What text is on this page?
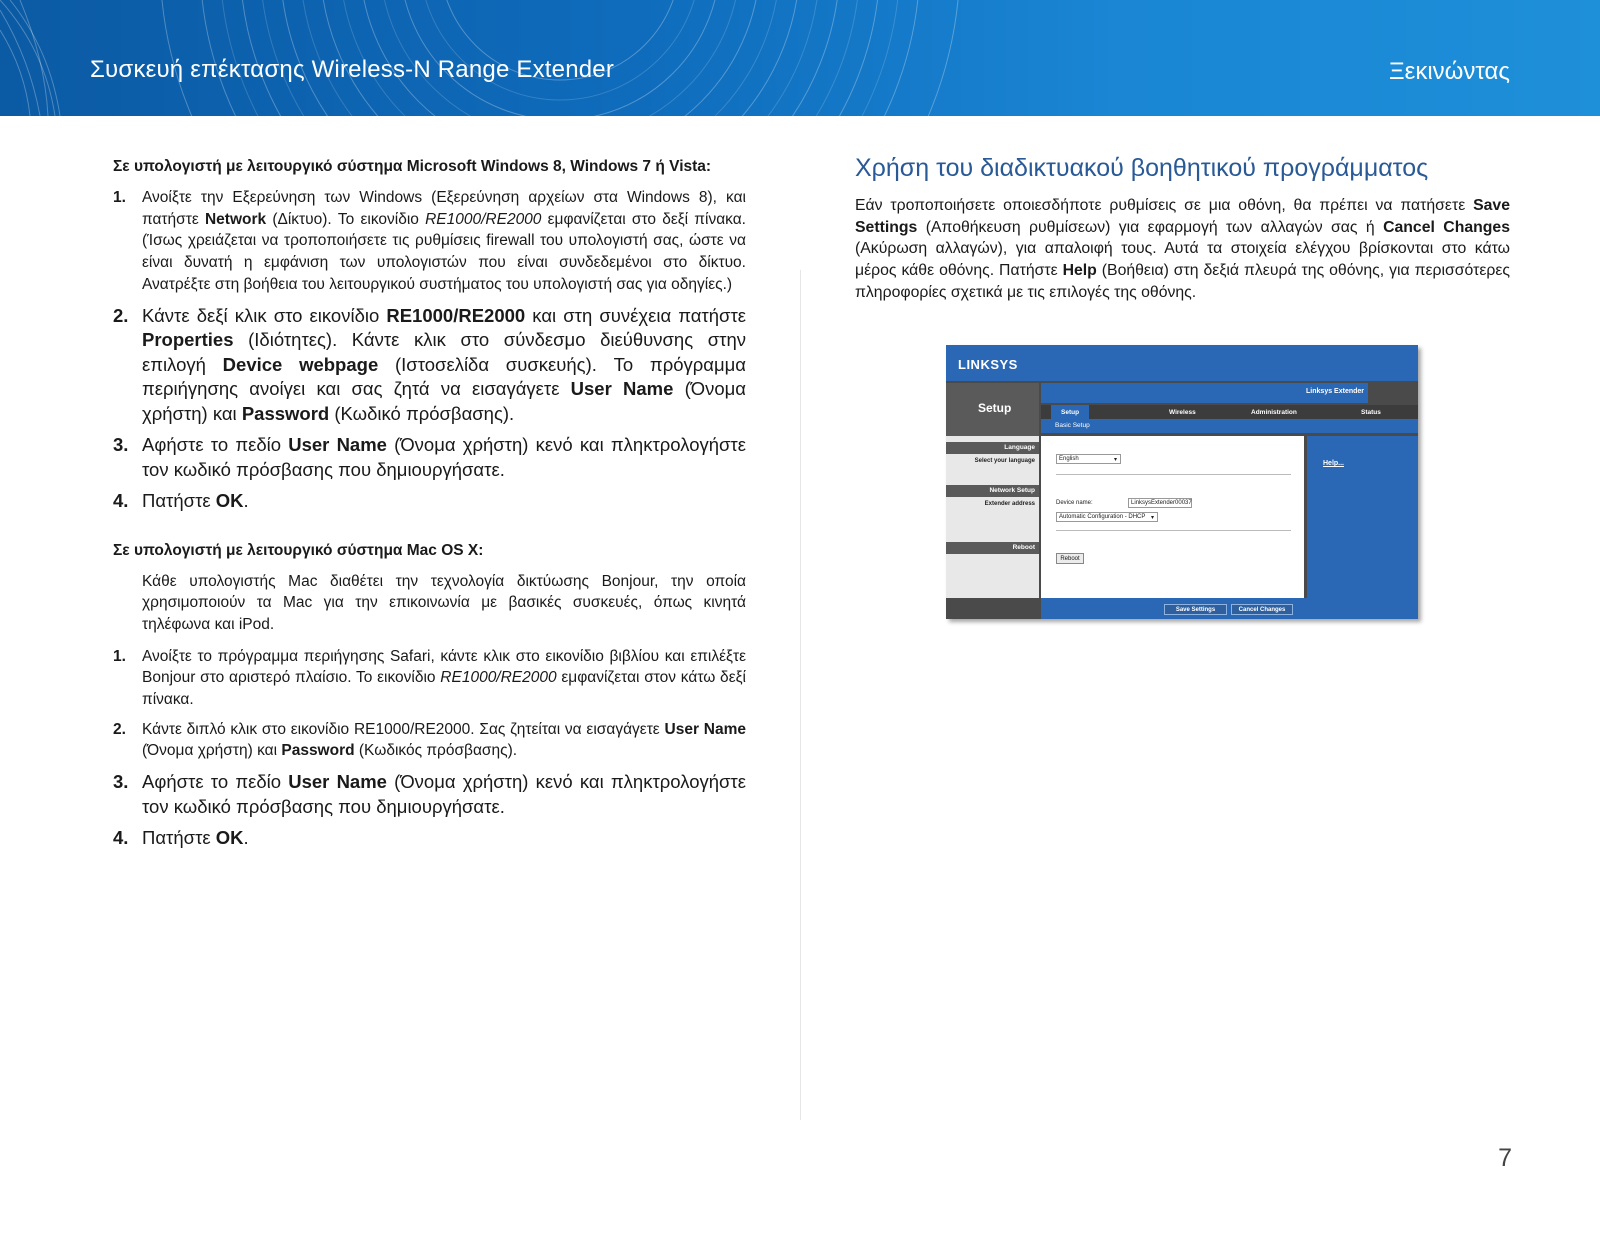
Συσκευή επέκτασης Wireless-N Range Extender	Ξεκινώντας

Σε υπολογιστή με λειτουργικό σύστημα Microsoft Windows 8, Windows 7 ή Vista:

1. Ανοίξτε την Εξερεύνηση των Windows (Εξερεύνηση αρχείων στα Windows 8), και πατήστε Network (Δίκτυο). Το εικονίδιο RE1000/RE2000 εμφανίζεται στο δεξί πίνακα. (Ίσως χρειάζεται να τροποποιήσετε τις ρυθμίσεις firewall του υπολογιστή σας, ώστε να είναι δυνατή η εμφάνιση των υπολογιστών που είναι συνδεδεμένοι στο δίκτυο. Ανατρέξτε στη βοήθεια του λειτουργικού συστήματος του υπολογιστή σας για οδηγίες.)
2. Κάντε δεξί κλικ στο εικονίδιο RE1000/RE2000 και στη συνέχεια πατήστε Properties (Ιδιότητες). Κάντε κλικ στο σύνδεσμο διεύθυνσης στην επιλογή Device webpage (Ιστοσελίδα συσκευής). Το πρόγραμμα περιήγησης ανοίγει και σας ζητά να εισαγάγετε User Name (Όνομα χρήστη) και Password (Κωδικό πρόσβασης).
3. Αφήστε το πεδίο User Name (Όνομα χρήστη) κενό και πληκτρολογήστε τον κωδικό πρόσβασης που δημιουργήσατε.
4. Πατήστε OK.

Σε υπολογιστή με λειτουργικό σύστημα Mac OS X:

Κάθε υπολογιστής Mac διαθέτει την τεχνολογία δικτύωσης Bonjour, την οποία χρησιμοποιούν τα Mac για την επικοινωνία με βασικές συσκευές, όπως κινητά τηλέφωνα και iPod.

1. Ανοίξτε το πρόγραμμα περιήγησης Safari, κάντε κλικ στο εικονίδιο βιβλίου και επιλέξτε Bonjour στο αριστερό πλαίσιο. Το εικονίδιο RE1000/RE2000 εμφανίζεται στον κάτω δεξί πίνακα.
2. Κάντε διπλό κλικ στο εικονίδιο RE1000/RE2000. Σας ζητείται να εισαγάγετε User Name (Όνομα χρήστη) και Password (Κωδικός πρόσβασης).
3. Αφήστε το πεδίο User Name (Όνομα χρήστη) κενό και πληκτρολογήστε τον κωδικό πρόσβασης που δημιουργήσατε.
4. Πατήστε OK.
Χρήση του διαδικτυακού βοηθητικού προγράμματος

Εάν τροποποιήσετε οποιεσδήποτε ρυθμίσεις σε μια οθόνη, θα πρέπει να πατήσετε Save Settings (Αποθήκευση ρυθμίσεων) για εφαρμογή των αλλαγών σας ή Cancel Changes (Ακύρωση αλλαγών), για απαλοιφή τους. Αυτά τα στοιχεία ελέγχου βρίσκονται στο κάτω μέρος κάθε οθόνης. Πατήστε Help (Βοήθεια) στη δεξιά πλευρά της οθόνης, για περισσότερες πληροφορίες σχετικά με τις επιλογές της οθόνης.

LINKSYS
Setup
Linksys Extender
Setup	Wireless	Administration	Status
Basic Setup
Language
Select your language
Network Setup
Extender address
Reboot
English	▾
Device name:	LinksysExtender00037
Automatic Configuration - DHCP ▾
Reboot
Help...
Save Settings	Cancel Changes
7
